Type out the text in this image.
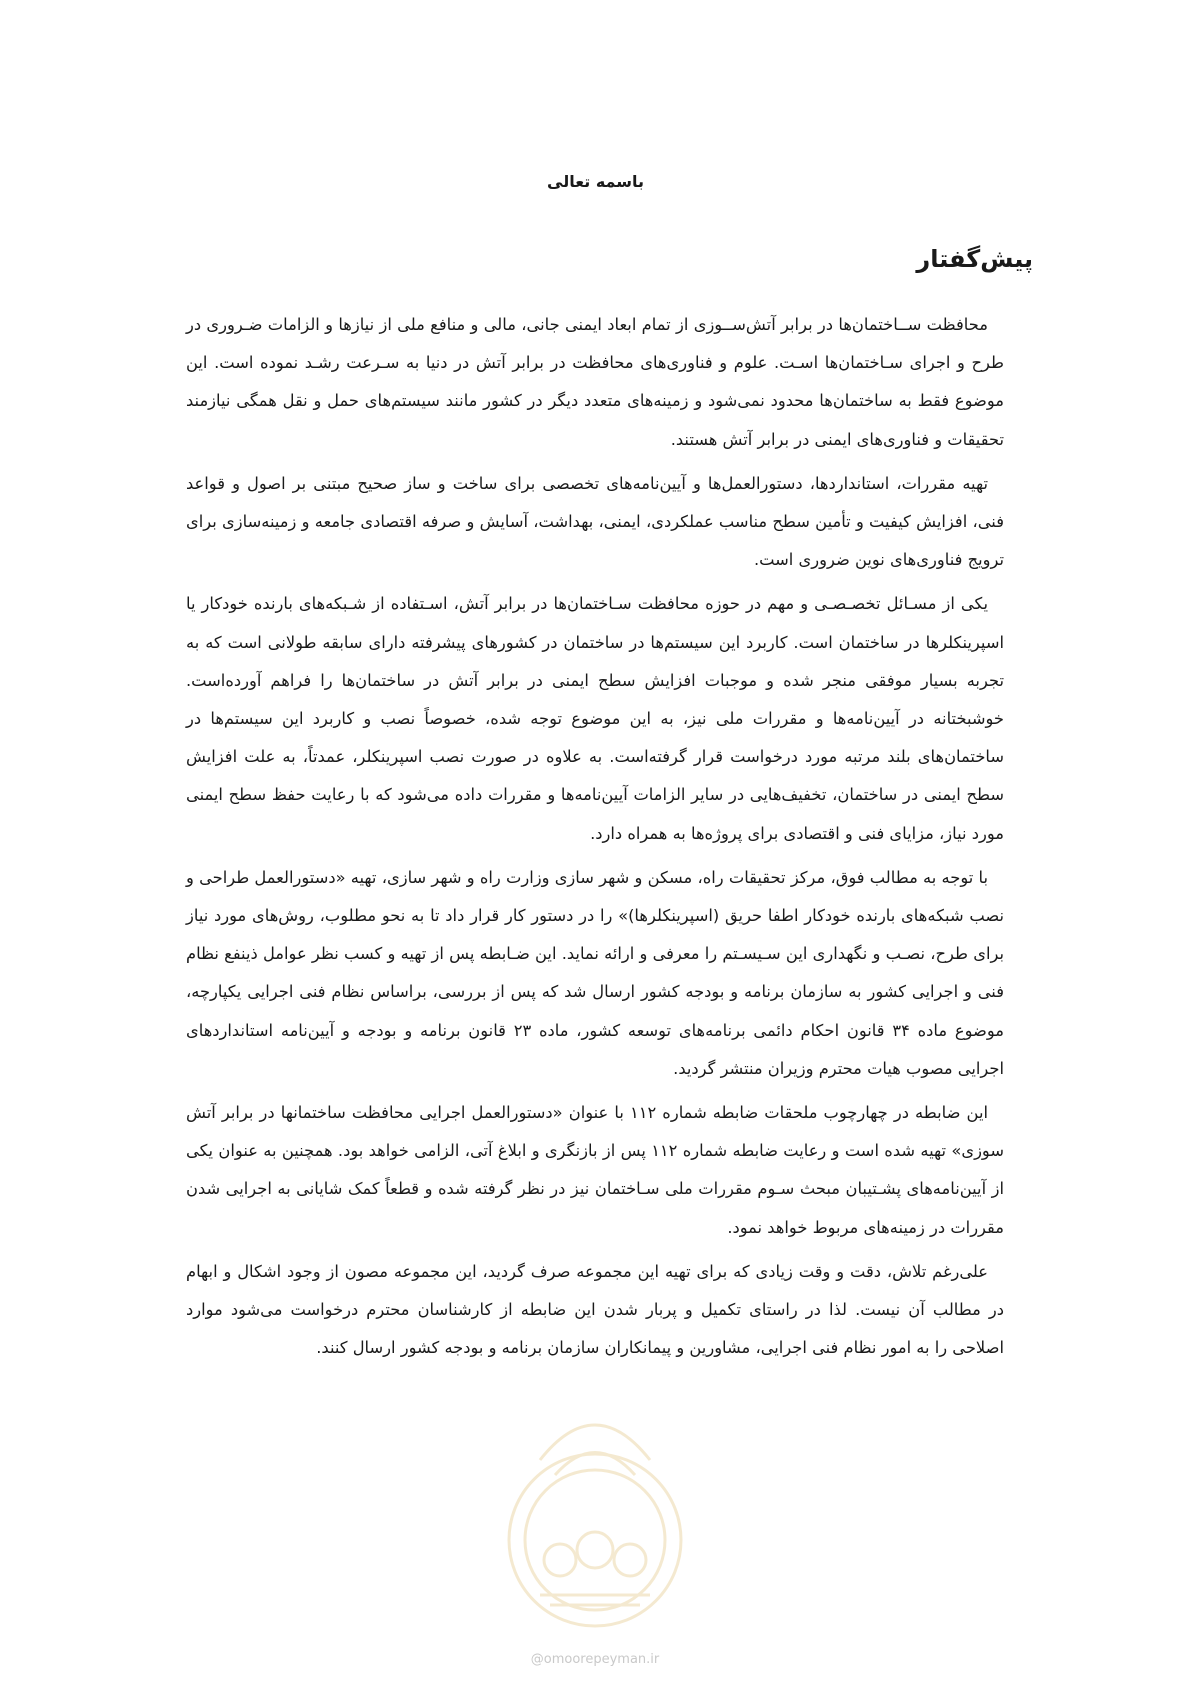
باسمه تعالی
پیش‌گفتار

محافظت ســاختمان‌ها در برابر آتش‌ســوزی از تمام ابعاد ایمنی جانی، مالی و منافع ملی از نیازها و الزامات ضـروری در طرح و اجرای سـاختمان‌ها اسـت. علوم و فناوری‌های محافظت در برابر آتش در دنیا به سـرعت رشـد نموده است. این موضوع فقط به ساختمان‌ها محدود نمی‌شود و زمینه‌های متعدد دیگر در کشور مانند سیستم‌های حمل و نقل همگی نیازمند تحقیقات و فناوری‌های ایمنی در برابر آتش هستند.

تهیه مقررات، استانداردها، دستورالعمل‌ها و آیین‌نامه‌های تخصصی برای ساخت و ساز صحیح مبتنی بر اصول و قواعد فنی، افزایش کیفیت و تأمین سطح مناسب عملکردی، ایمنی، بهداشت، آسایش و صرفه اقتصادی جامعه و زمینه‌سازی برای ترویج فناوری‌های نوین ضروری است.

یکی از مسـائل تخصـصـی و مهم در حوزه محافظت سـاختمان‌ها در برابر آتش، اسـتفاده از شـبکه‌های بارنده خودکار یا اسپرینکلرها در ساختمان است. کاربرد این سیستم‌ها در ساختمان در کشورهای پیشرفته دارای سابقه طولانی است که به تجربه بسیار موفقی منجر شده و موجبات افزایش سطح ایمنی در برابر آتش در ساختمان‌ها را فراهم آورده‌است. خوشبختانه در آیین‌نامه‌ها و مقررات ملی نیز، به این موضوع توجه شده، خصوصاً نصب و کاربرد این سیستم‌ها در ساختمان‌های بلند مرتبه مورد درخواست قرار گرفته‌است. به علاوه در صورت نصب اسپرینکلر، عمدتاً، به علت افزایش سطح ایمنی در ساختمان، تخفیف‌هایی در سایر الزامات آیین‌نامه‌ها و مقررات داده می‌شود که با رعایت حفظ سطح ایمنی مورد نیاز، مزایای فنی و اقتصادی برای پروژه‌ها به همراه دارد.

با توجه به مطالب فوق، مرکز تحقیقات راه، مسکن و شهر سازی وزارت راه و شهر سازی، تهیه «دستورالعمل طراحی و نصب شبکه‌های بارنده خودکار اطفا حریق (اسپرینکلرها)» را در دستور کار قرار داد تا به نحو مطلوب، روش‌های مورد نیاز برای طرح، نصـب و نگهداری این سـیسـتم را معرفی و ارائه نماید. این ضـابطه پس از تهیه و کسب نظر عوامل ذینفع نظام فنی و اجرایی کشور به سازمان برنامه و بودجه کشور ارسال شد که پس از بررسی، براساس نظام فنی اجرایی یکپارچه، موضوع ماده ۳۴ قانون احکام دائمی برنامه‌های توسعه کشور، ماده ۲۳ قانون برنامه و بودجه و آیین‌نامه استانداردهای اجرایی مصوب هیات محترم وزیران منتشر گردید.

این ضابطه در چهارچوب ملحقات ضابطه شماره ۱۱۲ با عنوان «دستورالعمل اجرایی محافظت ساختمانها در برابر آتش سوزی» تهیه شده است و رعایت ضابطه شماره ۱۱۲ پس از بازنگری و ابلاغ آتی، الزامی خواهد بود. همچنین به عنوان یکی از آیین‌نامه‌های پشـتیبان مبحث سـوم مقررات ملی سـاختمان نیز در نظر گرفته شده و قطعاً کمک شایانی به اجرایی شدن مقررات در زمینه‌های مربوط خواهد نمود.

علی‌رغم تلاش، دقت و وقت زیادی که برای تهیه این مجموعه صرف گردید، این مجموعه مصون از وجود اشکال و ابهام در مطالب آن نیست. لذا در راستای تکمیل و پربار شدن این ضابطه از کارشناسان محترم درخواست می‌شود موارد اصلاحی را به امور نظام فنی اجرایی، مشاورین و پیمانکاران سازمان برنامه و بودجه کشور ارسال کنند.

@omoorepeyman.ir
